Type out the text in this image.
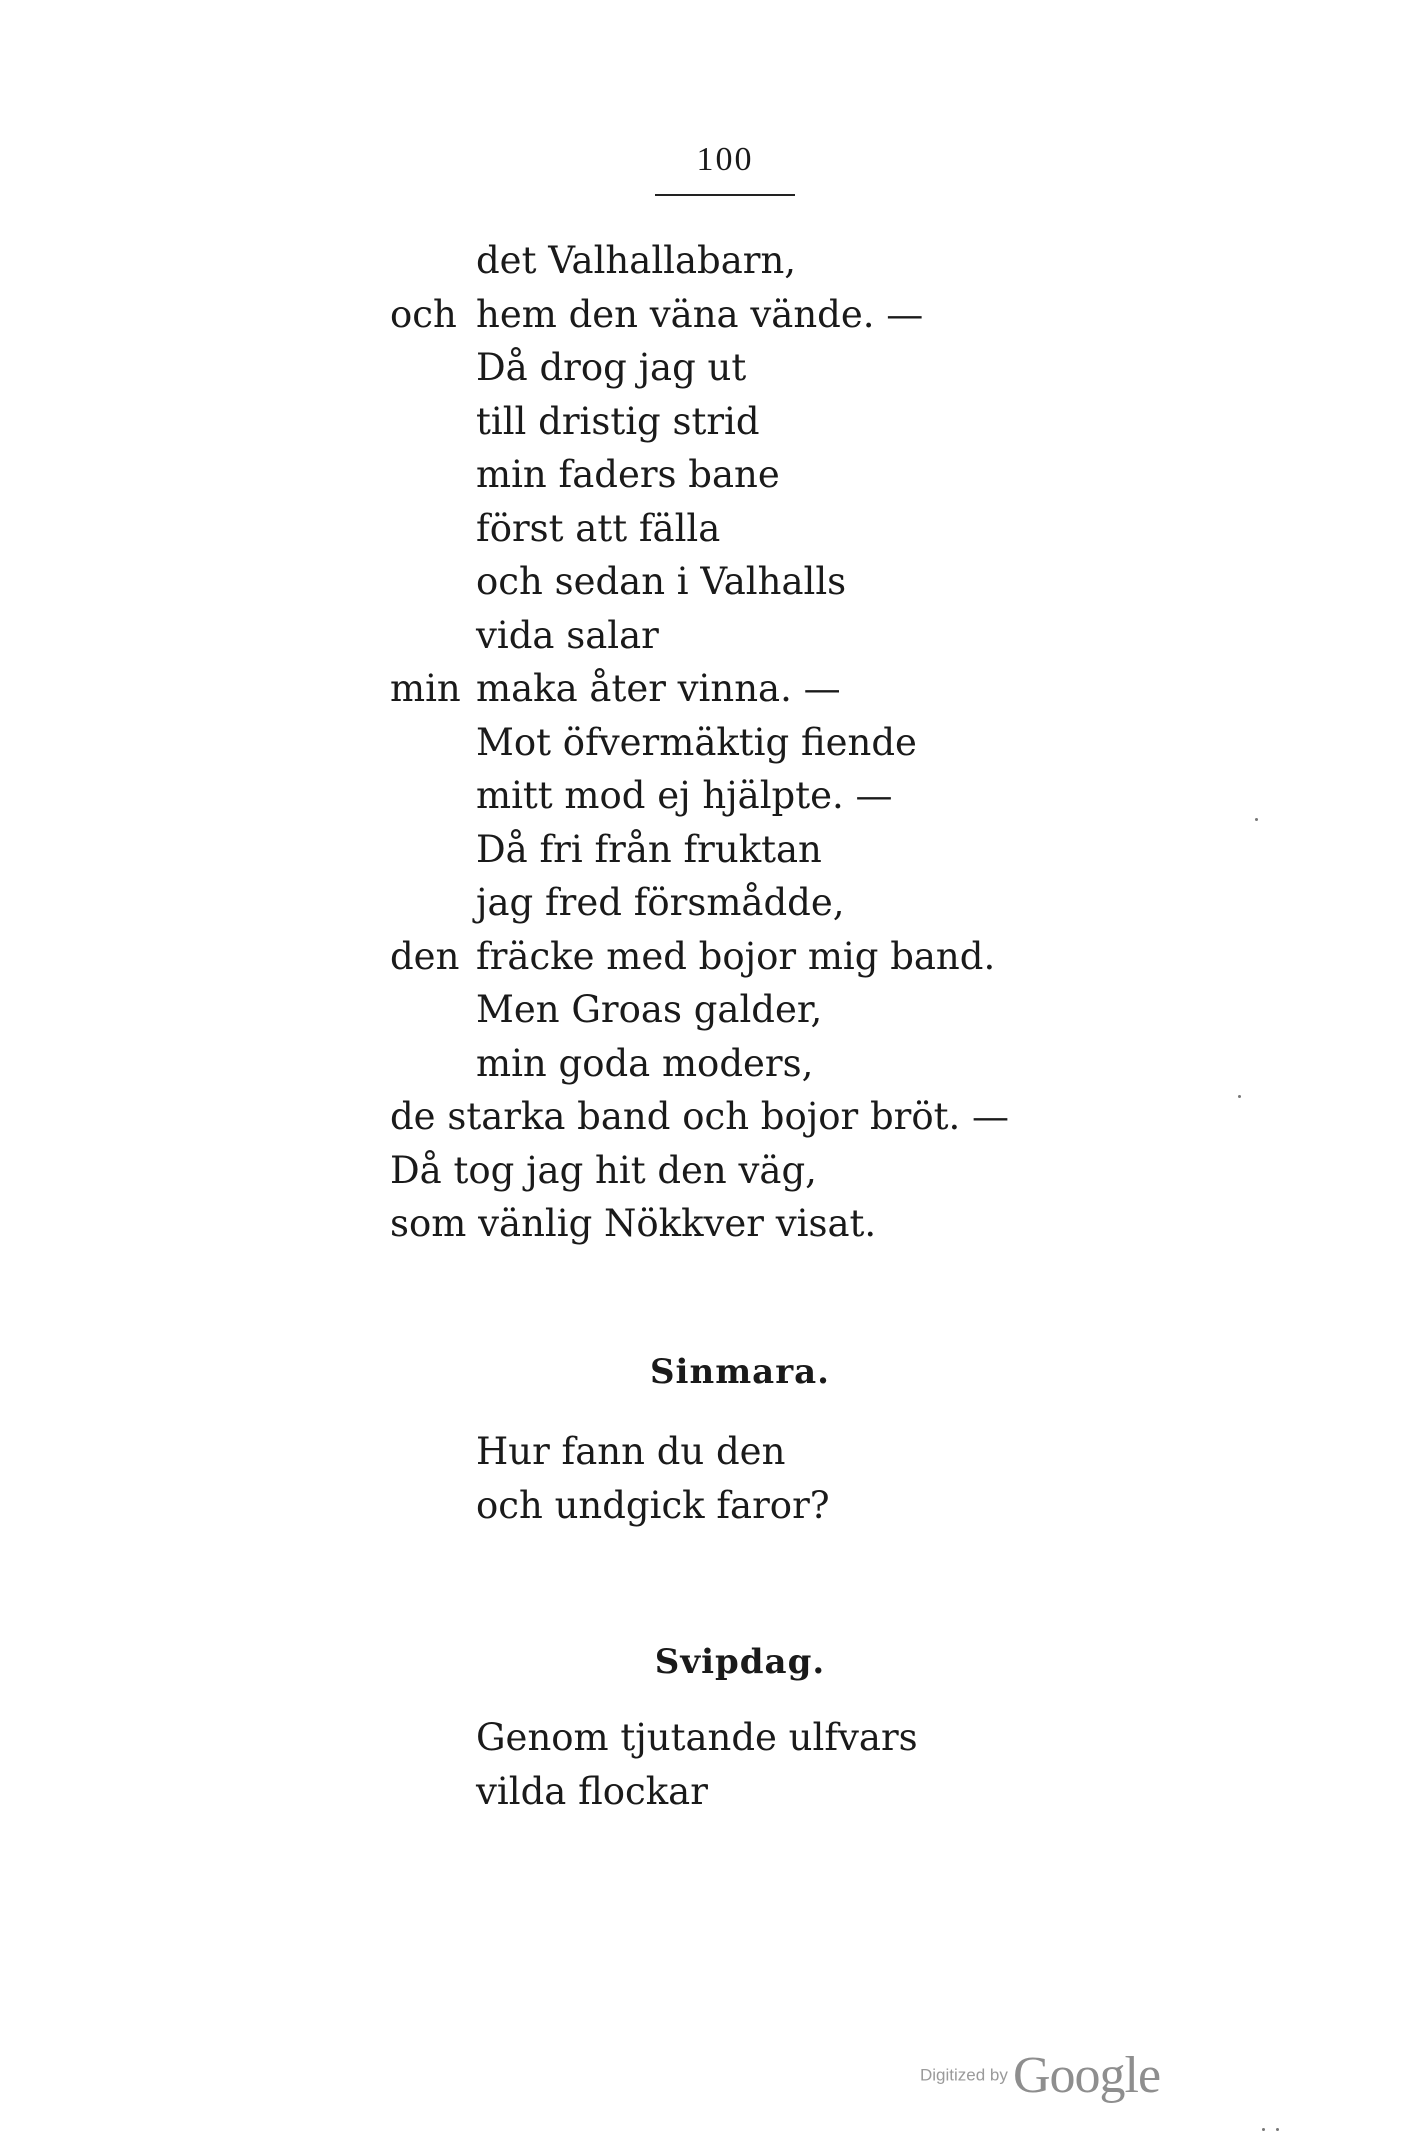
100
det Valhallabarn,
och hem den väna vände. —
Då drog jag ut
till dristig strid
min faders bane
först att fälla
och sedan i Valhalls
vida salar
min maka åter vinna. —
Mot öfvermäktig fiende
mitt mod ej hjälpte. —
Då fri från fruktan
jag fred försmådde,
den fräcke med bojor mig band.
Men Groas galder,
min goda moders,
de starka band och bojor bröt. —
Då tog jag hit den väg,
som vänlig Nökkver visat.
Sinmara.
Hur fann du den
och undgick faror?
Svipdag.
Genom tjutande ulfvars
vilda flockar
Digitized by Google
